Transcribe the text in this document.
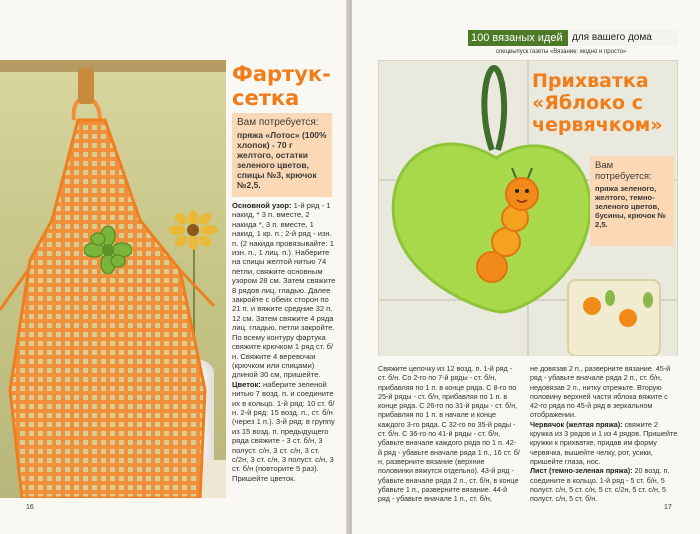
Фартук-сетка
Вам потребуется:
пряжа «Лотос» (100% хлопок) - 70 г желтого, остатки зеленого цветов, спицы №3, крючок №2,5.

Основной узор: 1-й ряд - 1 накид, * 3 п. вместе, 2 накида *, 3 п. вместе, 1 накид, 1 кр. п.; 2-й ряд - изн. п. (2 накида провязывайте: 1 изн. п., 1 лиц. п.). Наберите на спицы желтой нитью 74 петли, свяжите основным узором 28 см. Затем свяжите 8 рядов лиц. гладью. Далее закройте с обеих сторон по 21 п. и вяжите средние 32 п. 12 см. Затем свяжите 4 ряда лиц. гладью, петли закройте. По всему контуру фартука свяжите крючком 1 ряд ст. б/н. Свяжите 4 веревочки (крючком или спицами) длиной 30 см, пришейте.

Цветок: наберите зеленой нитью 7 возд. п. и соедините их в кольцо. 1-й ряд: 10 ст. б/н. 2-й ряд: 15 возд. п., ст. б/н (через 1 п.). 3-й ряд: в группу из 15 возд. п. предыдущего ряда свяжите - 3 ст. б/н, 3 полуст. с/н, 3 ст. с/н, 3 ст. с/2н, 3 ст. с/н, 3 полуст. с/н, 3 ст. б/н (повторите 5 раз). Пришейте цветок.

16
100 вязаных идей для вашего дома
спецвыпуск газеты «Вязание: модно и просто»
Прихватка «Яблоко с червячком»
Вам потребуется:
пряжа зеленого, желтого, темно-зеленого цветов, бусины, крючок № 2,5.
Свяжите цепочку из 12 возд. п. 1-й ряд - ст. б/н. Со 2-го по 7-й ряды - ст. б/н, прибавляя по 1 п. в конце ряда. С 8-го по 25-й ряды - ст. б/н, прибавляя по 1 п. в конце ряда. С 26-го по 31-й ряды - ст. б/н, прибавляя по 1 п. в начале и конце каждого 3-го ряда. С 32-го по 35-й ряды - ст. б/н. С 36-го по 41-й ряды - ст. б/н, убавьте вначале каждого ряда по 1 п. 42-й ряд - убавьте вначале ряда 1 п., 16 ст. б/н, разверните вязание (верхние половинки вяжутся отдельно). 43-й ряд - убавьте вначале ряда 2 п., ст. б/н, в конце убавьте 1 п., разверните вязание. 44-й ряд - убавьте вначале 1 п., ст. б/н,

не довязав 2 п., разверните вязание. 45-й ряд - убавьте вначале ряда 2 п., ст. б/н, недовязав 2 п., нитку отрежьте. Вторую половину верхней части яблока вяжите с 42-го ряда по 45-й ряд в зеркальном отображении.

Червячок (желтая пряжа): свяжите 2 кружка из 3 рядов и 1 из 4 рядов. Пришейте кружки к прихватке, придав им форму червячка, вышейте челку, рот, усики, пришейте глаза, нос.

Лист (темно-зеленая пряжа): 20 возд. п. соедините в кольцо. 1-й ряд - 5 ст. б/н, 5 полуст. с/н, 5 ст. с/н, 5 ст. с/2н, 5 ст. с/н, 5 полуст. с/н, 5 ст. б/н.

17
